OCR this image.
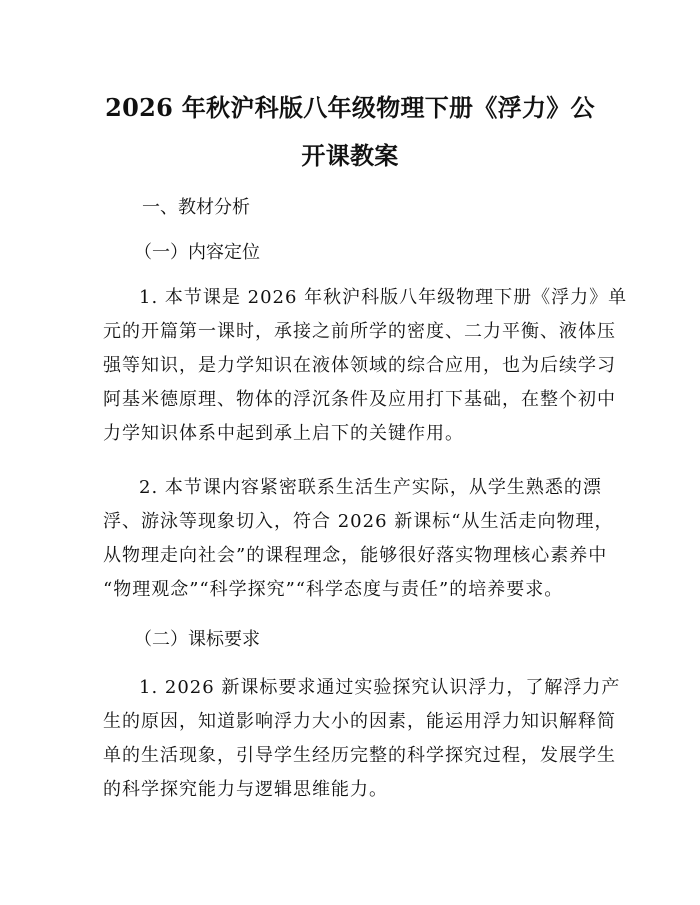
2026 年秋沪科版八年级物理下册《浮力》公
开课教案
一、教材分析
（一）内容定位
1. 本节课是 2026 年秋沪科版八年级物理下册《浮力》单
元的开篇第一课时，承接之前所学的密度、二力平衡、液体压
强等知识，是力学知识在液体领域的综合应用，也为后续学习
阿基米德原理、物体的浮沉条件及应用打下基础，在整个初中
力学知识体系中起到承上启下的关键作用。
2. 本节课内容紧密联系生活生产实际，从学生熟悉的漂
浮、游泳等现象切入，符合 2026 新课标“从生活走向物理，
从物理走向社会”的课程理念，能够很好落实物理核心素养中
“物理观念”“科学探究”“科学态度与责任”的培养要求。
（二）课标要求
1. 2026 新课标要求通过实验探究认识浮力，了解浮力产
生的原因，知道影响浮力大小的因素，能运用浮力知识解释简
单的生活现象，引导学生经历完整的科学探究过程，发展学生
的科学探究能力与逻辑思维能力。
